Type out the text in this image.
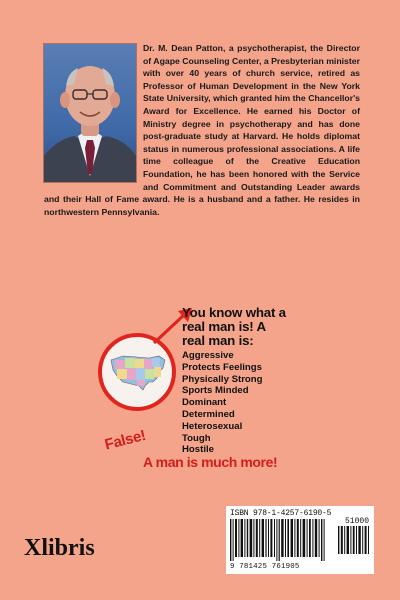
Dr. M. Dean Patton, a psychotherapist, the Director of Agape Counseling Center, a Presbyterian minister with over 40 years of church service, retired as Professor of Human Development in the New York State University, which granted him the Chancellor's Award for Excellence. He earned his Doctor of Ministry degree in psychotherapy and has done post-graduate study at Harvard. He holds diplomat status in numerous professional associations. A life time colleague of the Creative Education Foundation, he has been honored with the Service and Commitment and Outstanding Leader awards and their Hall of Fame award. He is a husband and a father. He resides in northwestern Pennsylvania.

You know what a
real man is! A
real man is:
Aggressive
Protects Feelings
Physically Strong
Sports Minded
Dominant
Determined
Heterosexual
Tough
Hostile
False!
A man is much more!
Xlibris
ISBN 978-1-4257-6190-5
51000
9 781425 761905
